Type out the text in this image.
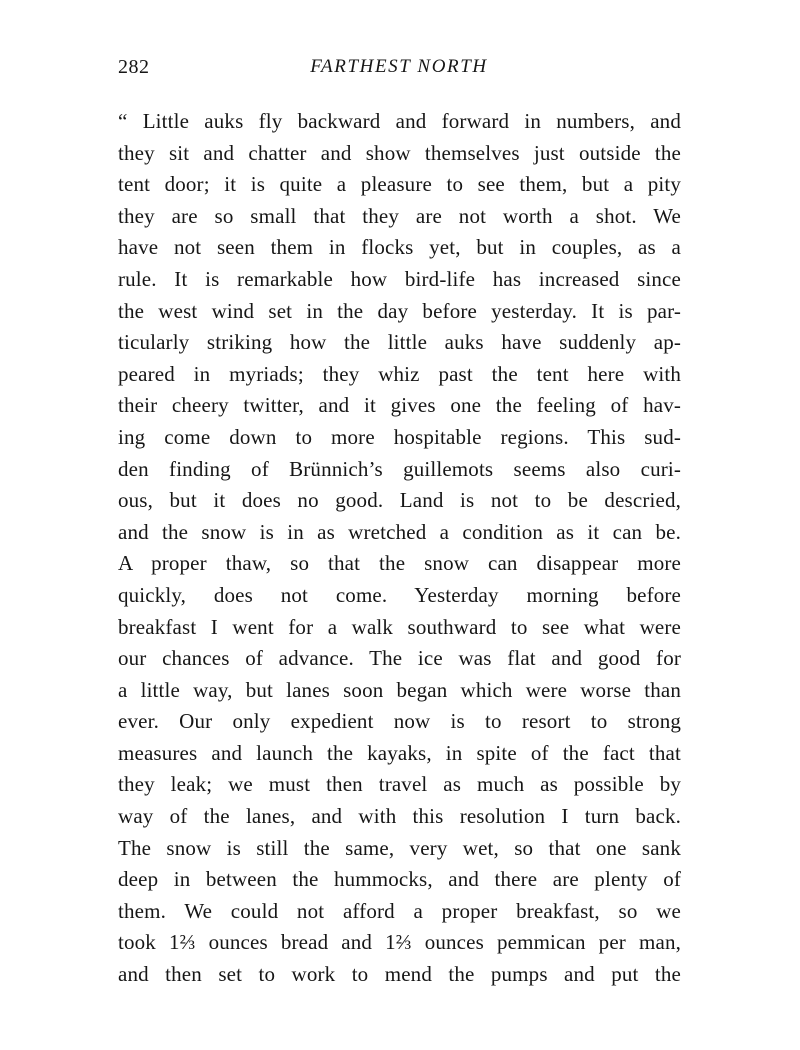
282	FARTHEST NORTH
“ Little auks fly backward and forward in numbers, and
they sit and chatter and show themselves just outside the
tent door; it is quite a pleasure to see them, but a pity
they are so small that they are not worth a shot. We
have not seen them in flocks yet, but in couples, as a
rule. It is remarkable how bird-life has increased since
the west wind set in the day before yesterday. It is par-
ticularly striking how the little auks have suddenly ap-
peared in myriads; they whiz past the tent here with
their cheery twitter, and it gives one the feeling of hav-
ing come down to more hospitable regions. This sud-
den finding of Brünnich’s guillemots seems also curi-
ous, but it does no good. Land is not to be descried,
and the snow is in as wretched a condition as it can be.
A proper thaw, so that the snow can disappear more
quickly, does not come. Yesterday morning before
breakfast I went for a walk southward to see what were
our chances of advance. The ice was flat and good for
a little way, but lanes soon began which were worse than
ever. Our only expedient now is to resort to strong
measures and launch the kayaks, in spite of the fact that
they leak; we must then travel as much as possible by
way of the lanes, and with this resolution I turn back.
The snow is still the same, very wet, so that one sank
deep in between the hummocks, and there are plenty of
them. We could not afford a proper breakfast, so we
took 1⅔ ounces bread and 1⅔ ounces pemmican per man,
and then set to work to mend the pumps and put the
